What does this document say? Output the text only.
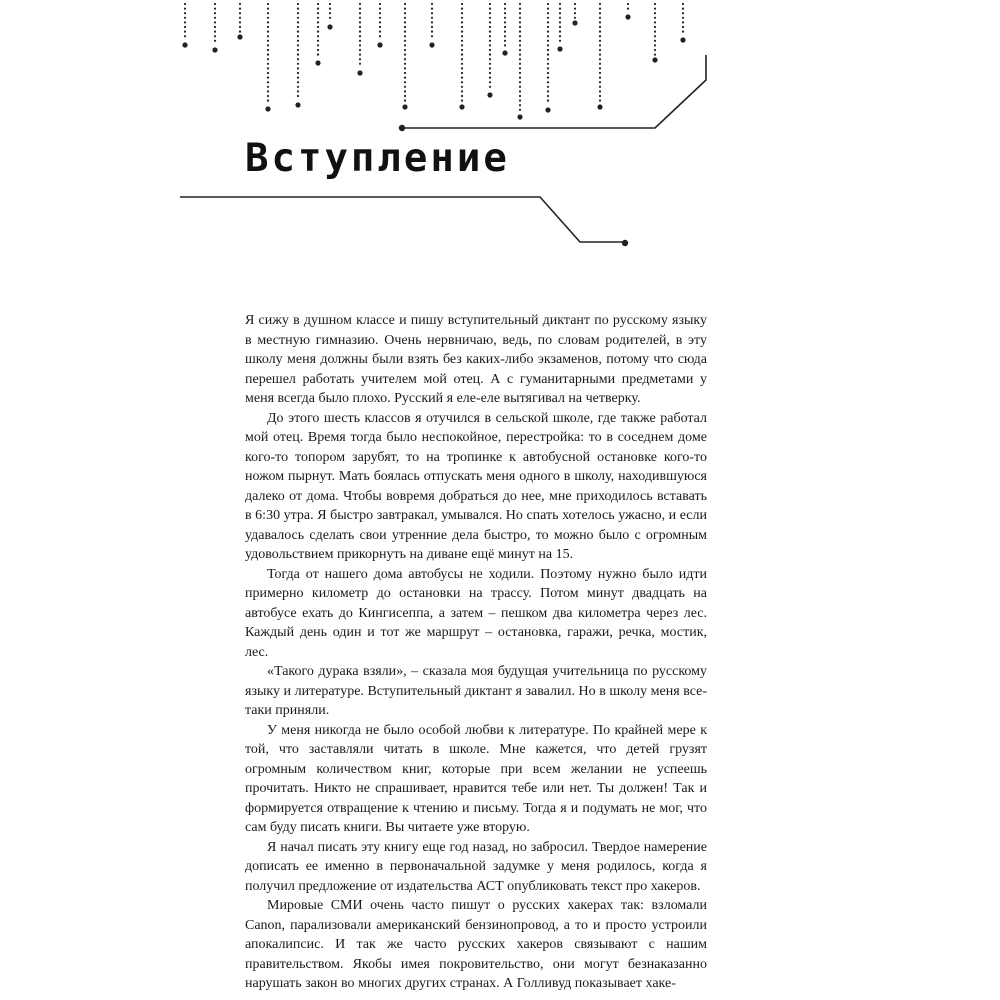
Вступление

Я сижу в душном классе и пишу вступительный диктант по русскому языку в местную гимназию. Очень нервничаю, ведь, по словам родителей, в эту школу меня должны были взять без каких-либо экзаменов, потому что сюда перешел работать учителем мой отец. А с гуманитарными предметами у меня всегда было плохо. Русский я еле-еле вытягивал на четверку.

До этого шесть классов я отучился в сельской школе, где также работал мой отец. Время тогда было неспокойное, перестройка: то в соседнем доме кого-то топором зарубят, то на тропинке к автобусной остановке кого-то ножом пырнут. Мать боялась отпускать меня одного в школу, находившуюся далеко от дома. Чтобы вовремя добраться до нее, мне приходилось вставать в 6:30 утра. Я быстро завтракал, умывался. Но спать хотелось ужасно, и если удавалось сделать свои утренние дела быстро, то можно было с огромным удовольствием прикорнуть на диване ещё минут на 15.

Тогда от нашего дома автобусы не ходили. Поэтому нужно было идти примерно километр до остановки на трассу. Потом минут двадцать на автобусе ехать до Кингисеппа, а затем – пешком два километра через лес. Каждый день один и тот же маршрут – остановка, гаражи, речка, мостик, лес.

«Такого дурака взяли», – сказала моя будущая учительница по русскому языку и литературе. Вступительный диктант я завалил. Но в школу меня все-таки приняли.

У меня никогда не было особой любви к литературе. По крайней мере к той, что заставляли читать в школе. Мне кажется, что детей грузят огромным количеством книг, которые при всем желании не успеешь прочитать. Никто не спрашивает, нравится тебе или нет. Ты должен! Так и формируется отвращение к чтению и письму. Тогда я и подумать не мог, что сам буду писать книги. Вы читаете уже вторую.

Я начал писать эту книгу еще год назад, но забросил. Твердое намерение дописать ее именно в первоначальной задумке у меня родилось, когда я получил предложение от издательства АСТ опубликовать текст про хакеров.

Мировые СМИ очень часто пишут о русских хакерах так: взломали Canon, парализовали американский бензинопровод, а то и просто устроили апокалипсис. И так же часто русских хакеров связывают с нашим правительством. Якобы имея покровительство, они могут безнаказанно нарушать закон во многих других странах. А Голливуд показывает хаке-
